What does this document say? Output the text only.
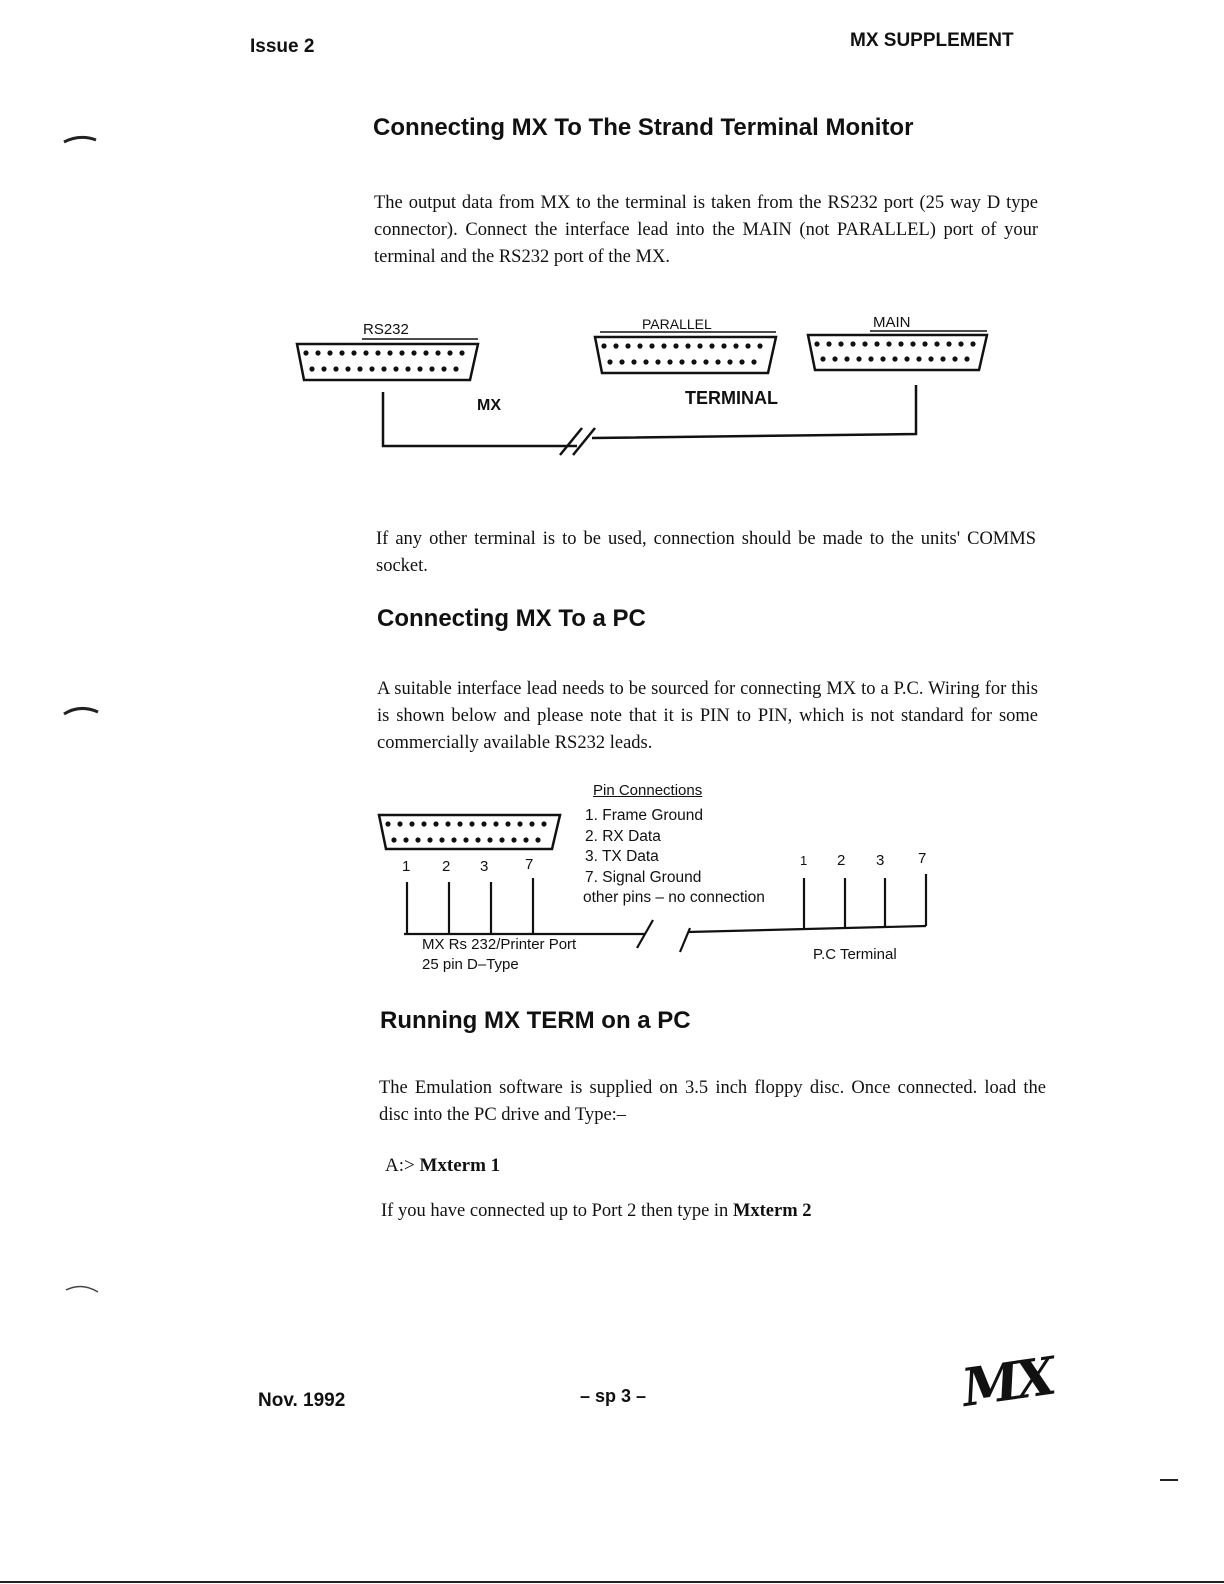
Issue 2	MX SUPPLEMENT
Connecting MX To The Strand Terminal Monitor
The output data from MX to the terminal is taken from the RS232 port (25 way D type connector). Connect the interface lead into the MAIN (not PARALLEL) port of your terminal and the RS232 port of the MX.
RS232	PARALLEL	MAIN
MX	TERMINAL
If any other terminal is to be used, connection should be made to the units' COMMS socket.
Connecting MX To a PC
A suitable interface lead needs to be sourced for connecting MX to a P.C. Wiring for this is shown below and please note that it is PIN to PIN, which is not standard for some commercially available RS232 leads.
Pin Connections
1. Frame Ground
2. RX Data
3. TX Data
7. Signal Ground
other pins – no connection
1 2 3 7	1 2 3 7
MX Rs 232/Printer Port
25 pin D–Type
P.C Terminal
Running MX TERM on a PC
The Emulation software is supplied on 3.5 inch floppy disc. Once connected. load the disc into the PC drive and Type:–
A:> Mxterm 1
If you have connected up to Port 2 then type in Mxterm 2
Nov. 1992	– sp 3 –	MX
